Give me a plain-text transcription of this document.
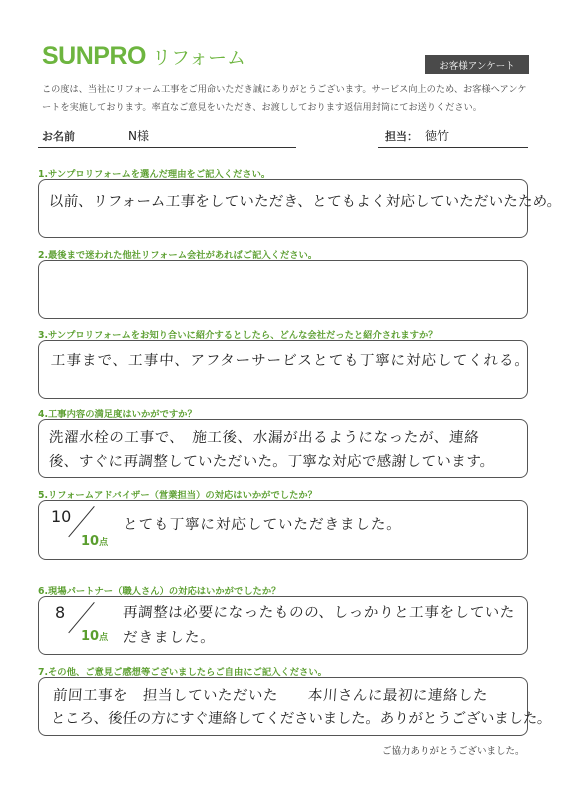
SUNPRO リフォーム	お客様アンケート

この度は、当社にリフォーム工事をご用命いただき誠にありがとうございます。サービス向上のため、お客様へアンケ

ートを実施しております。率直なご意見をいただき、お渡ししております返信用封筒にてお送りください。

お名前	N様	担当： 徳竹
1.サンプロリフォームを選んだ理由をご記入ください。
以前、リフォーム工事をしていただき、とてもよく対応していただいたため。
2.最後まで迷われた他社リフォーム会社があればご記入ください。
3.サンプロリフォームをお知り合いに紹介するとしたら、どんな会社だったと紹介されますか？
工事まで、工事中、アフターサービスとても丁寧に対応してくれる。
4.工事内容の満足度はいかがですか？
洗濯水栓の工事で、　施工後、水漏が出るようになったが、連絡
後、すぐに再調整していただいた。丁寧な対応で感謝しています。
5.リフォームアドバイザー（営業担当）の対応はいかがでしたか？
10
10点
とても丁寧に対応していただきました。
6.現場パートナー（職人さん）の対応はいかがでしたか？
8
10点
再調整は必要になったものの、しっかりと工事をしていた
だきました。
7.その他、ご意見ご感想等ございましたらご自由にご記入ください。
前回工事を　担当していただいた　　本川さんに最初に連絡した
ところ、後任の方にすぐ連絡してくださいました。ありがとうございました。
ご協力ありがとうございました。
